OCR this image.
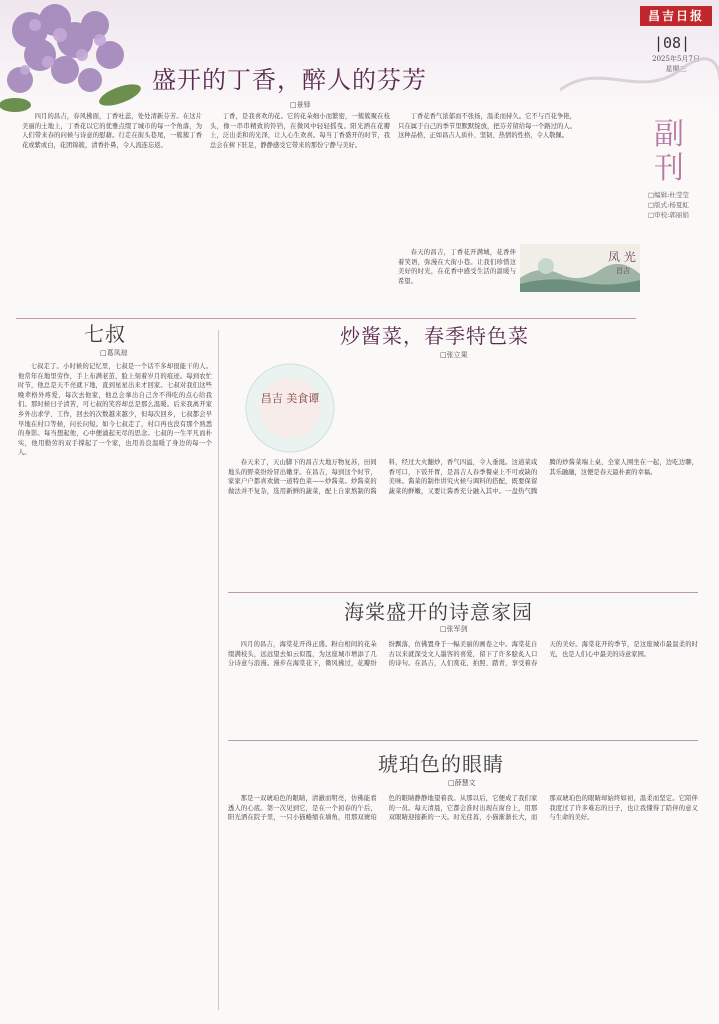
昌吉日报
|08|
2025年5月7日
星期三
副刊
□编辑:杜莹莹
□版式:杨夏虹
□审校:郭丽娟
盛开的丁香，醉人的芬芳
□景铎

四月的昌吉，春风拂面，丁香吐蕊，处处清新芬芳。在这片美丽的土地上，丁香花以它的优雅点缀了城市的每一个角落，为人们带来春的问候与诗意的慰藉。行走在街头巷尾，一簇簇丁香花或紫或白，花团锦簇，清香扑鼻，令人流连忘返。

丁香，是我喜欢的花。它的花朵细小而繁密，一簇簇聚在枝头，像一串串精致的铃铛，在微风中轻轻摇曳。阳光洒在花瓣上，泛出柔和的光泽，让人心生欢喜。每当丁香盛开的时节，我总会在树下驻足，静静感受它带来的那份宁静与美好。

丁香花香气浓郁而不张扬，温柔而持久。它不与百花争艳，只在属于自己的季节里默默绽放，把芬芳留给每一个路过的人。这种品格，正如昌吉人质朴、坚韧、热情的性格，令人敬佩。

春天的昌吉，丁香花开满城，花香伴着笑语，弥漫在大街小巷。让我们珍惜这美好的时光，在花香中感受生活的温暖与希望。

凤 光
昌吉
七叔
□葛凤琼

七叔走了。小时候的记忆里，七叔是一个话不多却很能干的人。他常年在地里劳作，手上布满老茧，脸上刻着岁月的痕迹。每到农忙时节，他总是天不亮就下地，直到星星出来才回家。七叔对我们这些晚辈格外疼爱，每次去他家，他总会拿出自己舍不得吃的点心给我们。那时候日子清苦，可七叔的笑容却总是那么温暖。后来我离开家乡外出求学、工作，回去的次数越来越少，但每次回乡，七叔都会早早地在村口等候，问长问短。如今七叔走了，村口再也没有那个熟悉的身影。每当想起他，心中便涌起无尽的思念。七叔的一生平凡而朴实，他用勤劳的双手撑起了一个家，也用善良温暖了身边的每一个人。

炒酱菜，春季特色菜
□张立果
昌吉 美食谭

春天来了，天山脚下的昌吉大地万物复苏，田间地头的野菜纷纷冒出嫩芽。在昌吉，每到这个时节，家家户户都喜欢做一道特色菜——炒酱菜。炒酱菜的做法并不复杂，选用新鲜的蔬菜，配上自家熬制的酱料，经过大火翻炒，香气四溢，令人垂涎。这道菜咸香可口，下饭开胃，是昌吉人春季餐桌上不可或缺的美味。酱菜的制作讲究火候与调料的搭配，既要保留蔬菜的鲜嫩，又要让酱香充分融入其中。一盘热气腾腾的炒酱菜端上桌，全家人围坐在一起，边吃边聊，其乐融融，这便是春天最朴素的幸福。

海棠盛开的诗意家园
□张军剑

四月的昌吉，海棠花开得正盛。粉白相间的花朵缀满枝头，远远望去如云似霞，为这座城市增添了几分诗意与浪漫。漫步在海棠花下，微风拂过，花瓣纷纷飘落，仿佛置身于一幅美丽的画卷之中。海棠花自古以来就深受文人墨客的喜爱，留下了许多脍炙人口的诗句。在昌吉，人们赏花、拍照、踏青，享受着春天的美好。海棠花开的季节，是这座城市最温柔的时光，也是人们心中最美的诗意家园。

琥珀色的眼睛
□薛慧文

那是一双琥珀色的眼睛，清澈而明亮，仿佛能看透人的心底。第一次见到它，是在一个初春的午后，阳光洒在院子里，一只小猫蜷缩在墙角，用那双琥珀色的眼睛静静地望着我。从那以后，它便成了我们家的一员。每天清晨，它都会准时出现在窗台上，用那双眼睛迎接新的一天。时光荏苒，小猫渐渐长大，而那双琥珀色的眼睛却始终如初，温柔而坚定。它陪伴我度过了许多难忘的日子，也让我懂得了陪伴的意义与生命的美好。
